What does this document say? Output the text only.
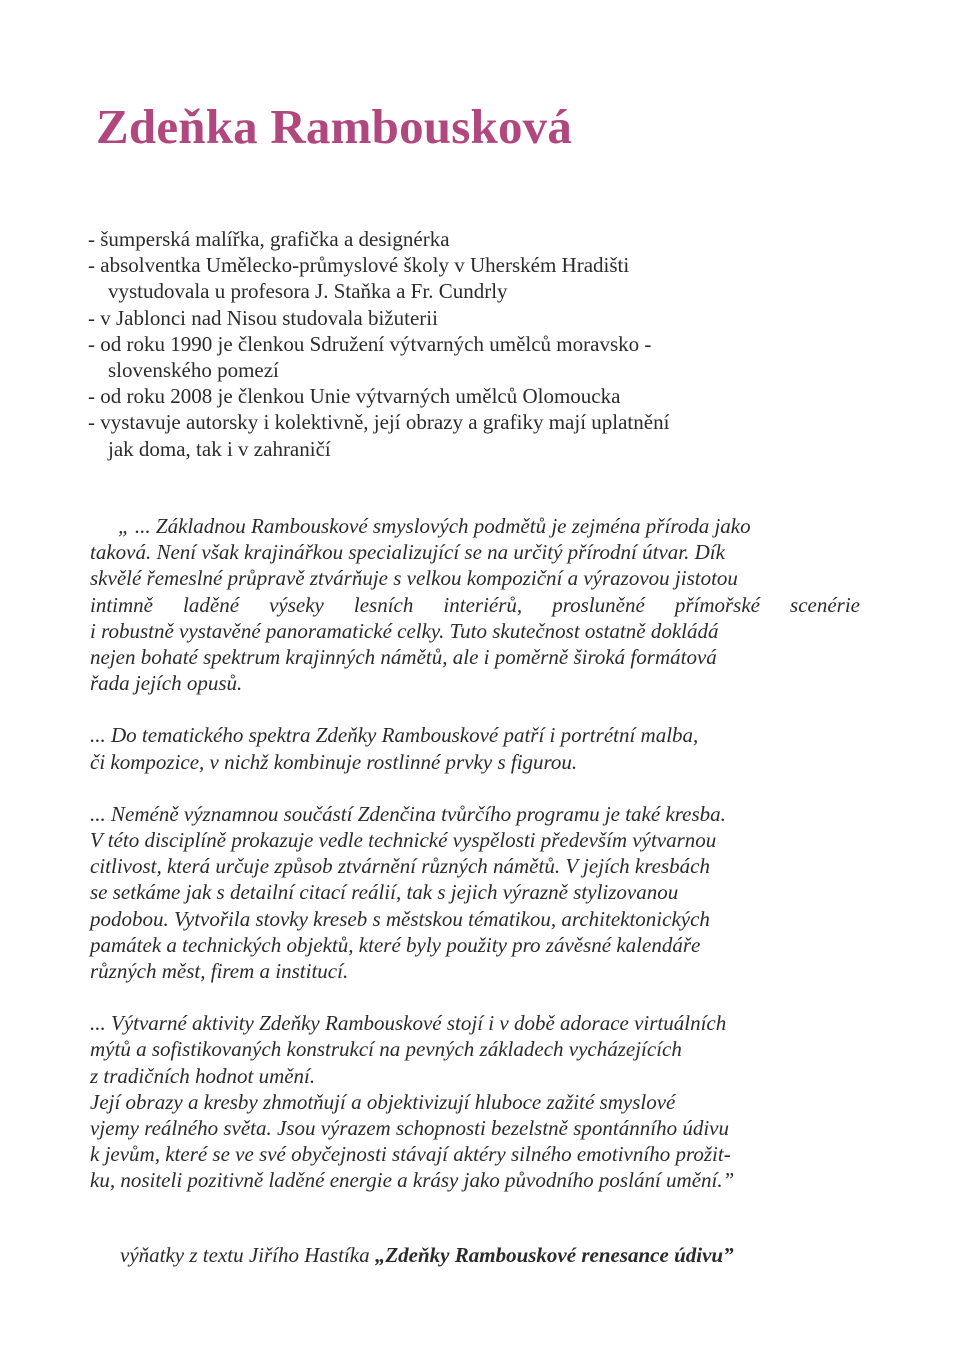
Zdeňka Rambousková
- šumperská malířka, grafička a designérka
- absolventka Umělecko-průmyslové školy v Uherském Hradišti
vystudovala u profesora J. Staňka a Fr. Cundrly
- v Jablonci nad Nisou studovala bižuterii
- od roku 1990 je členkou Sdružení výtvarných umělců moravsko -
slovenského pomezí
- od roku 2008 je členkou Unie výtvarných umělců Olomoucka
- vystavuje autorsky i kolektivně, její obrazy a grafiky mají uplatnění
jak doma, tak i v zahraničí
„ ... Základnou Rambouskové smyslových podmětů je zejména příroda jako
taková. Není však krajinářkou specializující se na určitý přírodní útvar. Dík
skvělé řemeslné průpravě ztvárňuje s velkou kompoziční a výrazovou jistotou
intimně laděné výseky lesních interiérů, prosluněné přímořské scenérie
i robustně vystavěné panoramatické celky. Tuto skutečnost ostatně dokládá
nejen bohaté spektrum krajinných námětů, ale i poměrně široká formátová
řada jejích opusů.
... Do tematického spektra Zdeňky Rambouskové patří i portrétní malba,
či kompozice, v nichž kombinuje rostlinné prvky s figurou.
... Neméně významnou součástí Zdenčina tvůrčího programu je také kresba.
V této disciplíně prokazuje vedle technické vyspělosti především výtvarnou
citlivost, která určuje způsob ztvárnění různých námětů. V jejích kresbách
se setkáme jak s detailní citací reálií, tak s jejich výrazně stylizovanou
podobou. Vytvořila stovky kreseb s městskou tématikou, architektonických
památek a technických objektů, které byly použity pro závěsné kalendáře
různých měst, firem a institucí.
... Výtvarné aktivity Zdeňky Rambouskové stojí i v době adorace virtuálních
mýtů a sofistikovaných konstrukcí na pevných základech vycházejících
z tradičních hodnot umění.
Její obrazy a kresby zhmotňují a objektivizují hluboce zažité smyslové
vjemy reálného světa. Jsou výrazem schopnosti bezelstně spontánního údivu
k jevům, které se ve své obyčejnosti stávají aktéry silného emotivního prožit-
ku, nositeli pozitivně laděné energie a krásy jako původního poslání umění.”
výňatky z textu Jiřího Hastíka „Zdeňky Rambouskové renesance údivu”
